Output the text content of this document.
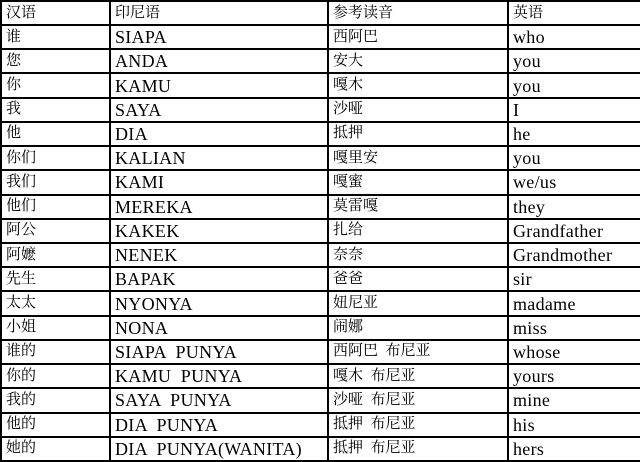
汉语	印尼语	参考读音	英语
谁	SIAPA	西阿巴	who
您	ANDA	安大	you
你	KAMU	嘎木	you
我	SAYA	沙哑	I
他	DIA	抵押	he
你们	KALIAN	嘎里安	you
我们	KAMI	嘎蜜	we/us
他们	MEREKA	莫雷嘎	they
阿公	KAKEK	扎给	Grandfather
阿嬷	NENEK	奈奈	Grandmother
先生	BAPAK	爸爸	sir
太太	NYONYA	妞尼亚	madame
小姐	NONA	闹娜	miss
谁的	SIAPA  PUNYA	西阿巴  布尼亚	whose
你的	KAMU  PUNYA	嘎木  布尼亚	yours
我的	SAYA  PUNYA	沙哑  布尼亚	mine
他的	DIA  PUNYA	抵押  布尼亚	his
她的	DIA  PUNYA(WANITA)	抵押  布尼亚	hers
